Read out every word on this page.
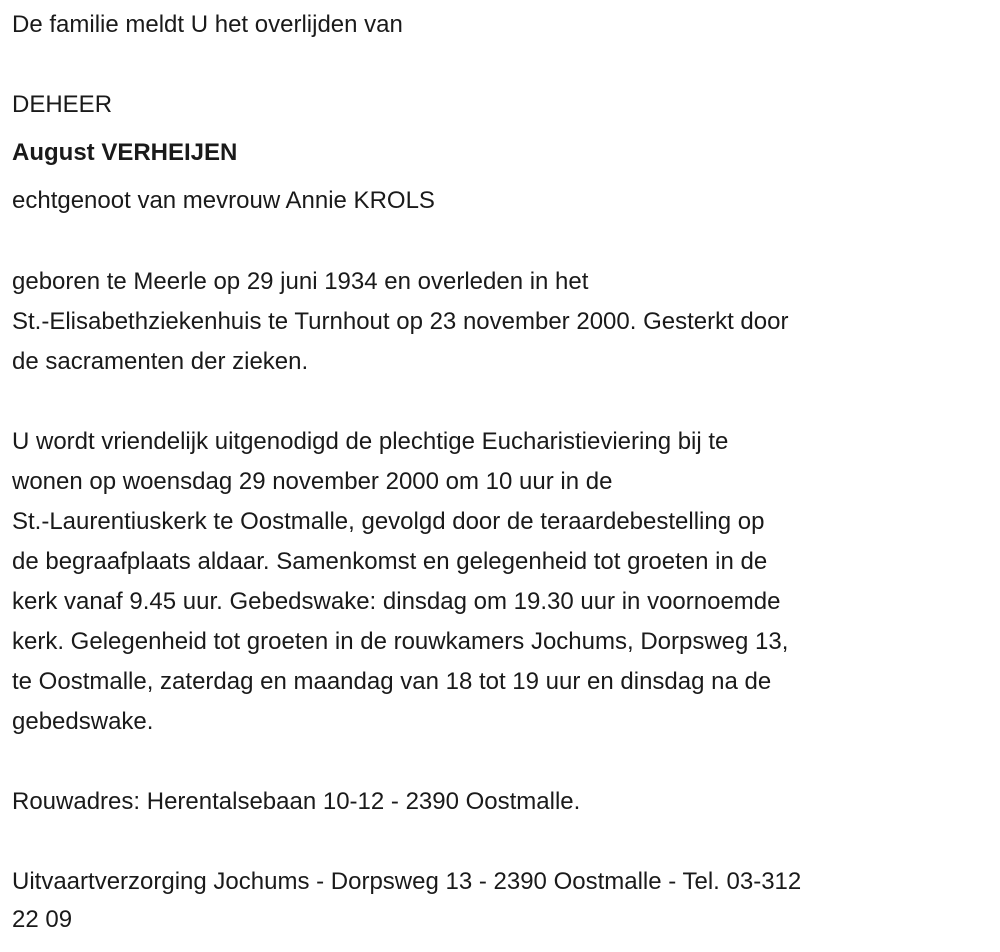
De familie meldt U het overlijden van
DEHEER
August VERHEIJEN
echtgenoot van mevrouw Annie KROLS
geboren te Meerle op 29 juni 1934 en overleden in het
St.-Elisabethziekenhuis te Turnhout op 23 november 2000. Gesterkt door
de sacramenten der zieken.
U wordt vriendelijk uitgenodigd de plechtige Eucharistieviering bij te
wonen op woensdag 29 november 2000 om 10 uur in de
St.-Laurentiuskerk te Oostmalle, gevolgd door de teraardebestelling op
de begraafplaats aldaar. Samenkomst en gelegenheid tot groeten in de
kerk vanaf 9.45 uur. Gebedswake: dinsdag om 19.30 uur in voornoemde
kerk. Gelegenheid tot groeten in de rouwkamers Jochums, Dorpsweg 13,
te Oostmalle, zaterdag en maandag van 18 tot 19 uur en dinsdag na de
gebedswake.
Rouwadres: Herentalsebaan 10-12 - 2390 Oostmalle.
Uitvaartverzorging Jochums - Dorpsweg 13 - 2390 Oostmalle - Tel. 03-312
22 09
